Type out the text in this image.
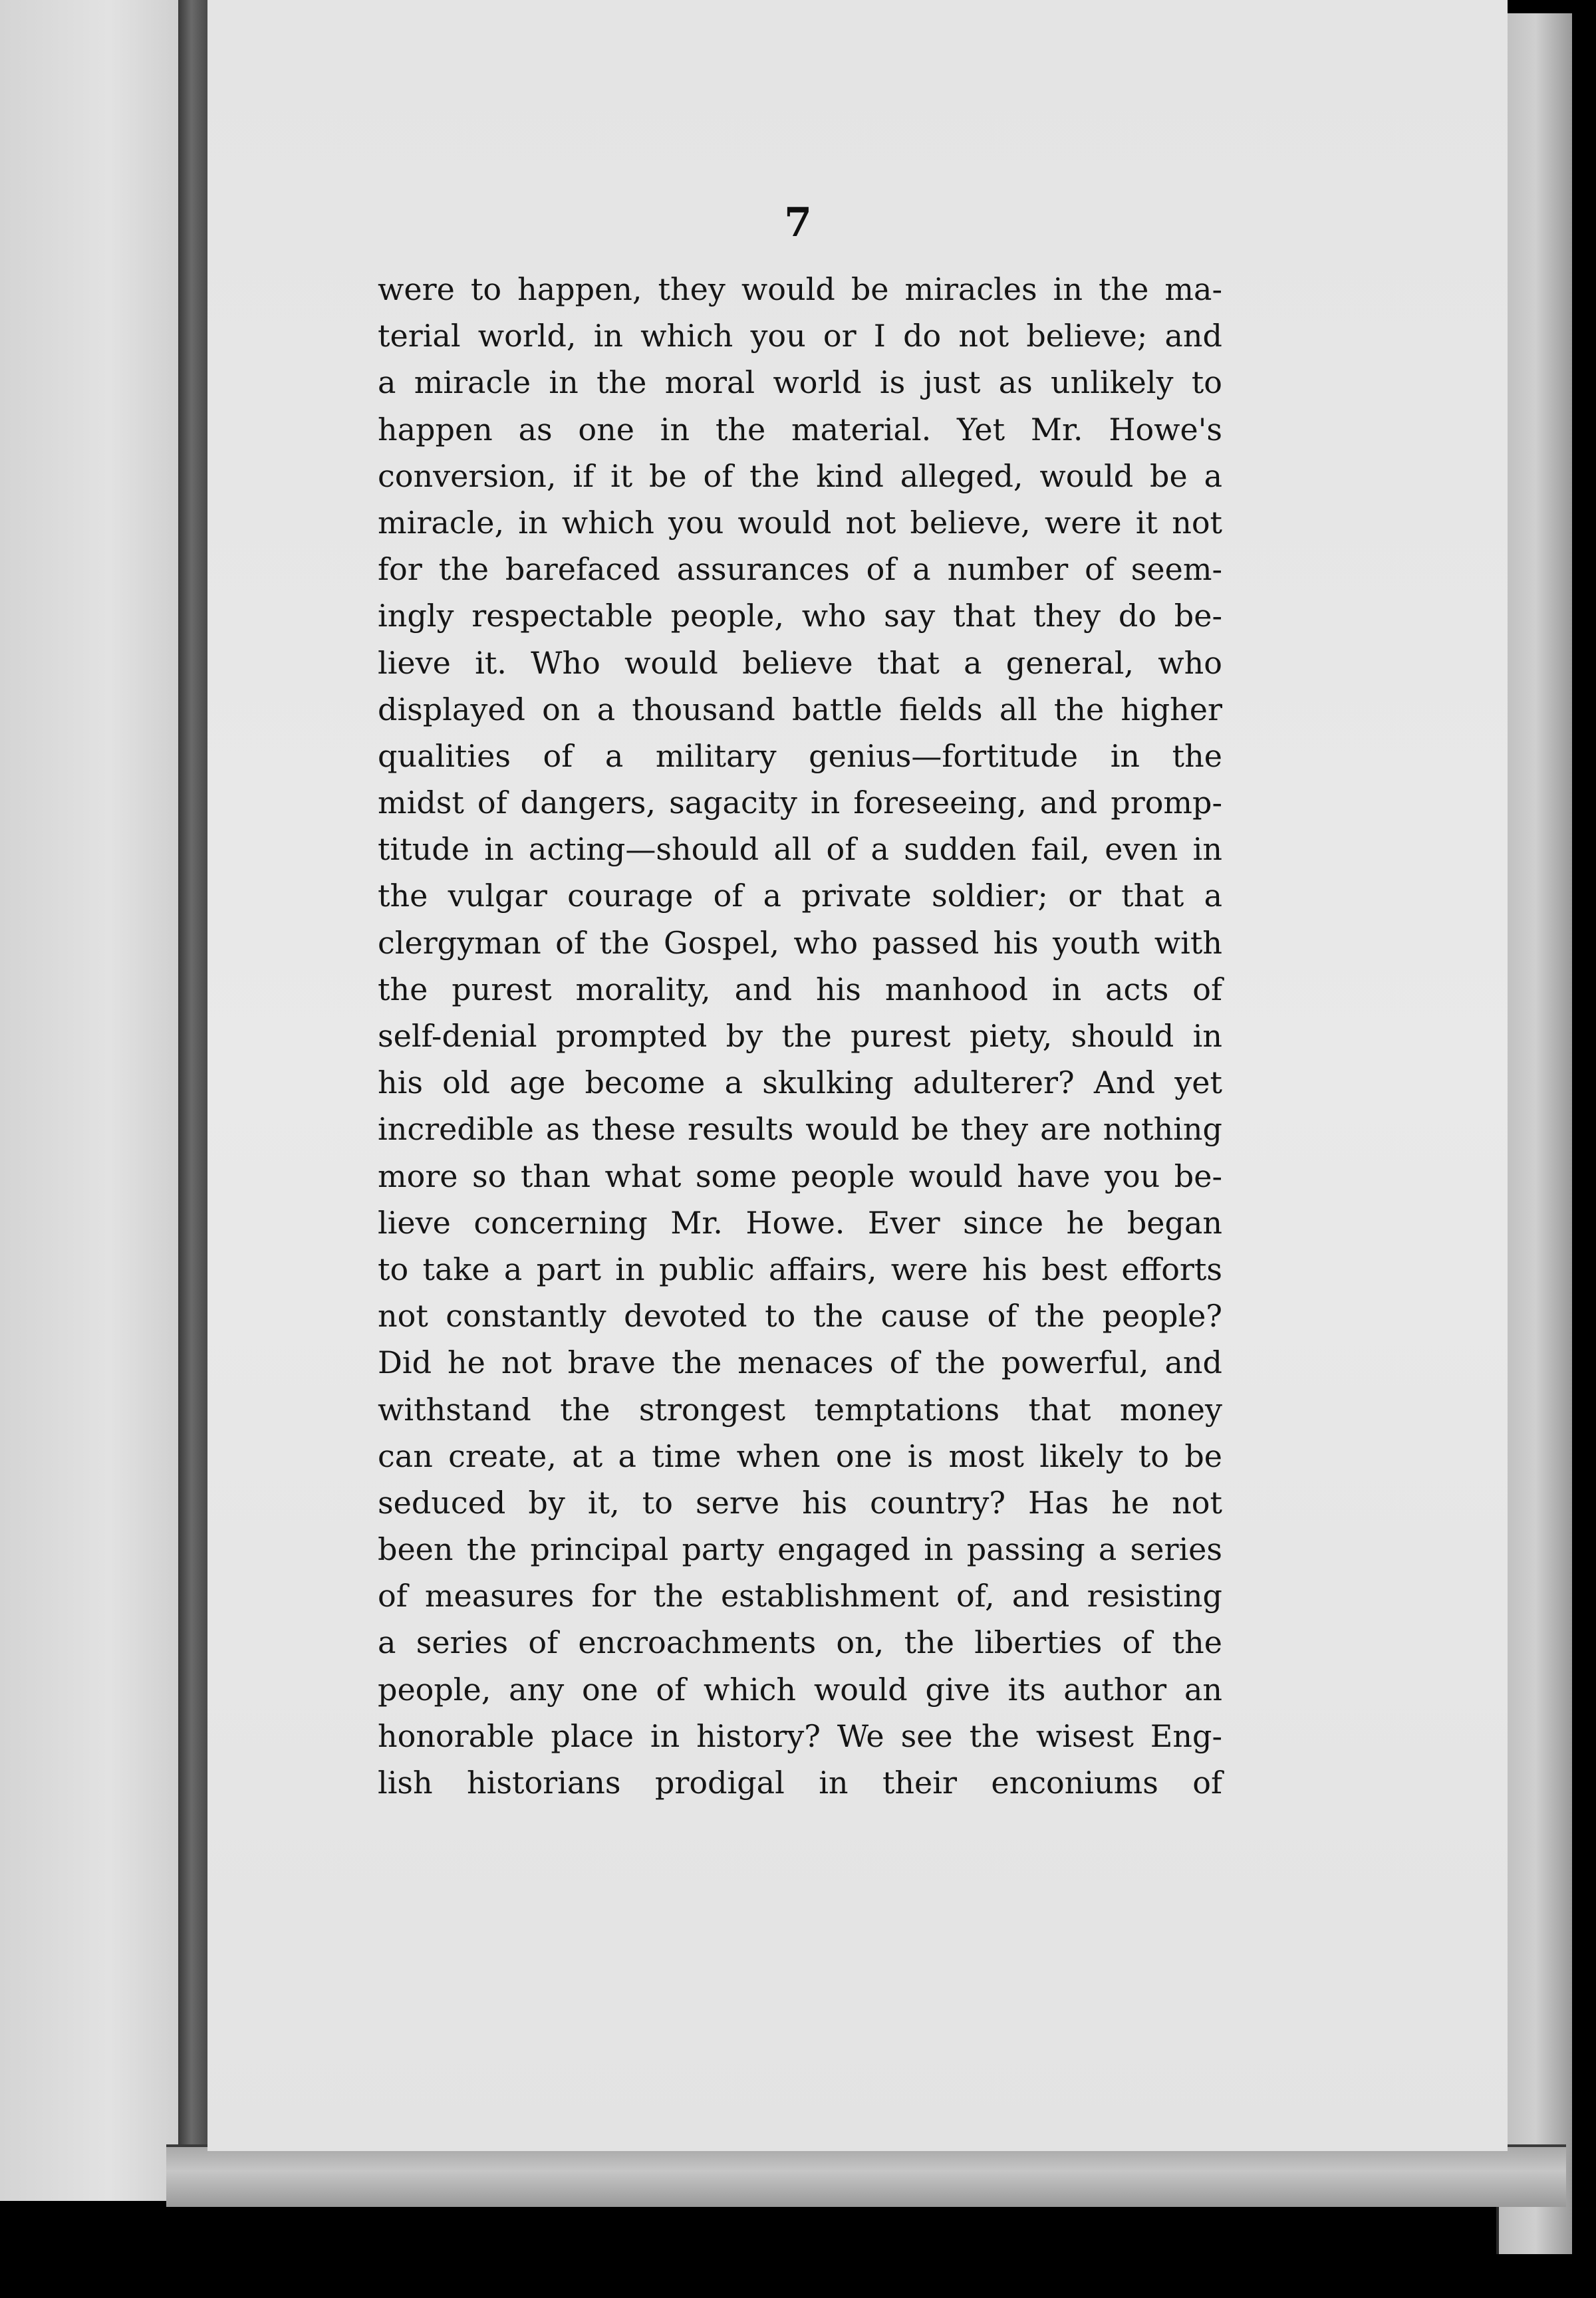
7
were to happen, they would be miracles in the ma-
terial world, in which you or I do not believe; and
a miracle in the moral world is just as unlikely to
happen as one in the material. Yet Mr. Howe's
conversion, if it be of the kind alleged, would be a
miracle, in which you would not believe, were it not
for the barefaced assurances of a number of seem-
ingly respectable people, who say that they do be-
lieve it. Who would believe that a general, who
displayed on a thousand battle fields all the higher
qualities of a military genius—fortitude in the
midst of dangers, sagacity in foreseeing, and promp-
titude in acting—should all of a sudden fail, even in
the vulgar courage of a private soldier; or that a
clergyman of the Gospel, who passed his youth with
the purest morality, and his manhood in acts of
self-denial prompted by the purest piety, should in
his old age become a skulking adulterer? And yet
incredible as these results would be they are nothing
more so than what some people would have you be-
lieve concerning Mr. Howe. Ever since he began
to take a part in public affairs, were his best efforts
not constantly devoted to the cause of the people?
Did he not brave the menaces of the powerful, and
withstand the strongest temptations that money
can create, at a time when one is most likely to be
seduced by it, to serve his country? Has he not
been the principal party engaged in passing a series
of measures for the establishment of, and resisting
a series of encroachments on, the liberties of the
people, any one of which would give its author an
honorable place in history? We see the wisest Eng-
lish historians prodigal in their enconiums of
